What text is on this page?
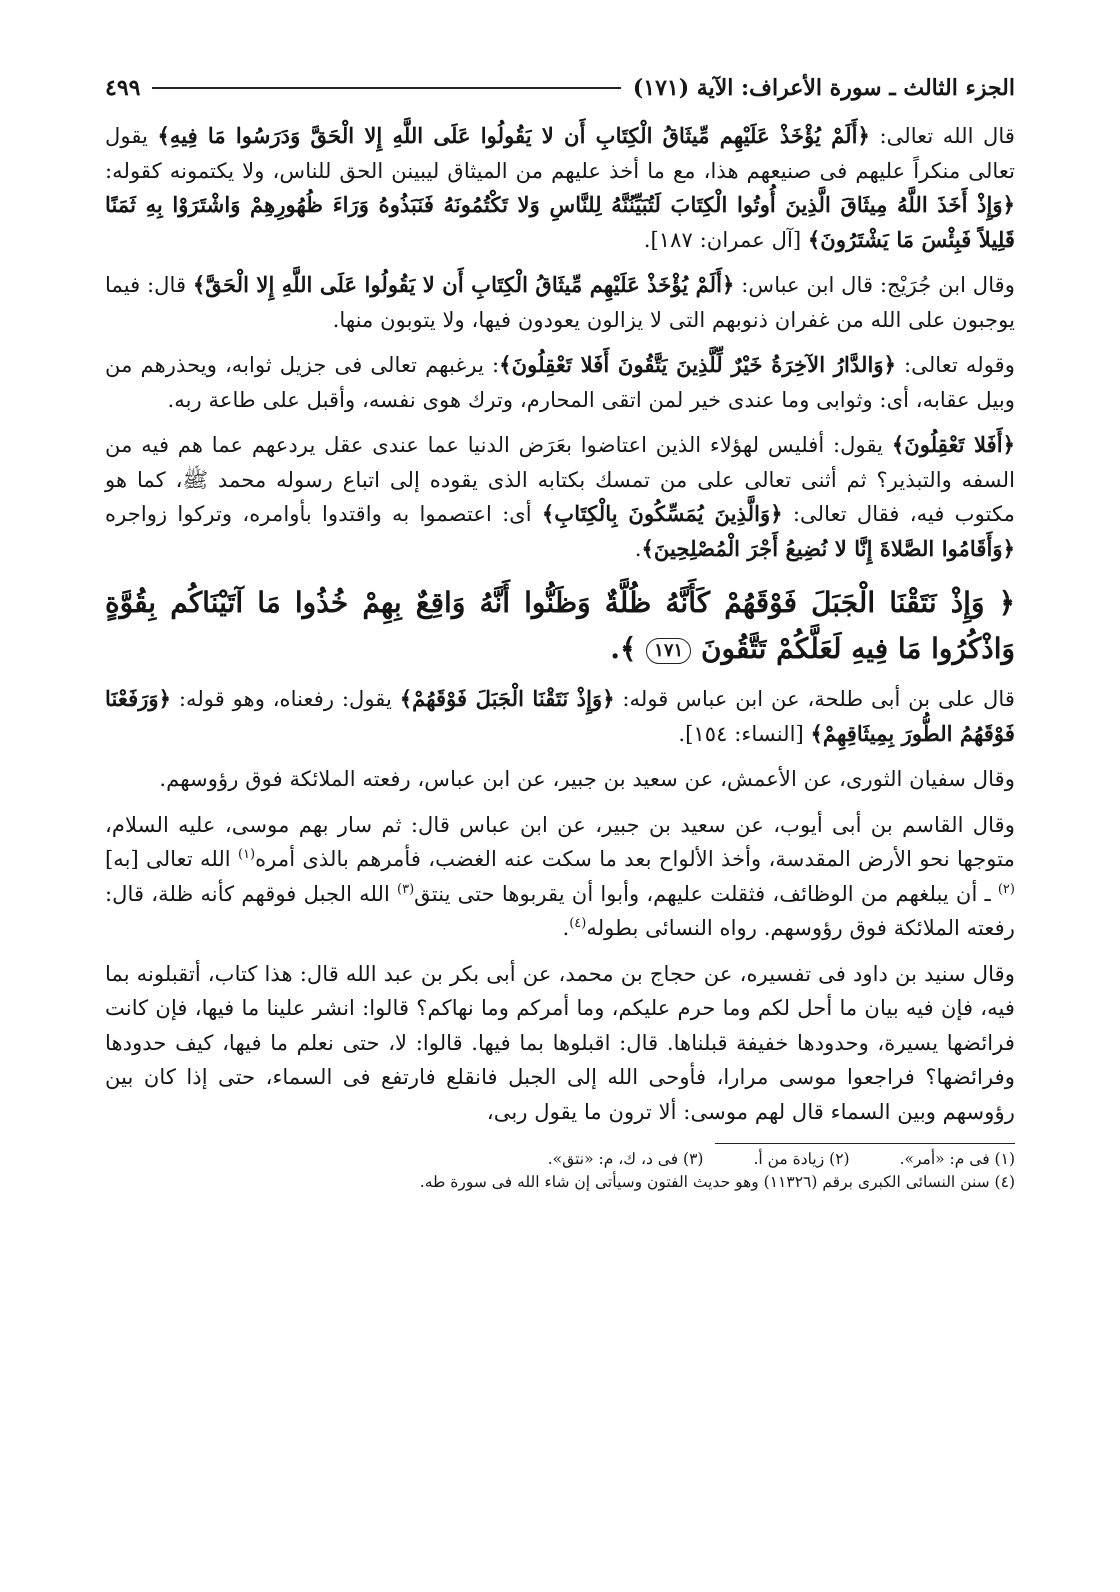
الجزء الثالث ـ سورة الأعراف: الآية (١٧١)
٤٩٩

قال الله تعالى: ﴿أَلَمْ يُؤْخَذْ عَلَيْهِم مِّيثَاقُ الْكِتَابِ أَن لا يَقُولُوا عَلَى اللَّهِ إِلا الْحَقَّ وَدَرَسُوا مَا فِيهِ﴾ يقول تعالى منكراً عليهم فى صنيعهم هذا، مع ما أخذ عليهم من الميثاق ليبينن الحق للناس، ولا يكتمونه كقوله: ﴿وَإِذْ أَخَذَ اللَّهُ مِيثَاقَ الَّذِينَ أُوتُوا الْكِتَابَ لَتُبَيِّنُنَّهُ لِلنَّاسِ وَلا تَكْتُمُونَهُ فَنَبَذُوهُ وَرَاءَ ظُهُورِهِمْ وَاشْتَرَوْا بِهِ ثَمَنًا قَلِيلاً فَبِئْسَ مَا يَشْتَرُونَ﴾ [آل عمران: ١٨٧].

وقال ابن جُرَيْج: قال ابن عباس: ﴿أَلَمْ يُؤْخَذْ عَلَيْهِم مِّيثَاقُ الْكِتَابِ أَن لا يَقُولُوا عَلَى اللَّهِ إِلا الْحَقَّ﴾ قال: فيما يوجبون على الله من غفران ذنوبهم التى لا يزالون يعودون فيها، ولا يتوبون منها.

وقوله تعالى: ﴿وَالدَّارُ الآخِرَةُ خَيْرٌ لِّلَّذِينَ يَتَّقُونَ أَفَلا تَعْقِلُونَ﴾: يرغبهم تعالى فى جزيل ثوابه، ويحذرهم من وبيل عقابه، أى: وثوابى وما عندى خير لمن اتقى المحارم، وترك هوى نفسه، وأقبل على طاعة ربه.

﴿أَفَلا تَعْقِلُونَ﴾ يقول: أفليس لهؤلاء الذين اعتاضوا بعَرَض الدنيا عما عندى عقل يردعهم عما هم فيه من السفه والتبذير؟ ثم أثنى تعالى على من تمسك بكتابه الذى يقوده إلى اتباع رسوله محمد ﷺ، كما هو مكتوب فيه، فقال تعالى: ﴿وَالَّذِينَ يُمَسِّكُونَ بِالْكِتَابِ﴾ أى: اعتصموا به واقتدوا بأوامره، وتركوا زواجره ﴿وَأَقَامُوا الصَّلاةَ إِنَّا لا نُضِيعُ أَجْرَ الْمُصْلِحِينَ﴾.

﴿ وَإِذْ نَتَقْنَا الْجَبَلَ فَوْقَهُمْ كَأَنَّهُ ظُلَّةٌ وَظَنُّوا أَنَّهُ وَاقِعٌ بِهِمْ خُذُوا مَا آتَيْنَاكُم بِقُوَّةٍ وَاذْكُرُوا مَا فِيهِ لَعَلَّكُمْ تَتَّقُونَ ١٧١ ﴾.

قال على بن أبى طلحة، عن ابن عباس قوله: ﴿وَإِذْ نَتَقْنَا الْجَبَلَ فَوْقَهُمْ﴾ يقول: رفعناه، وهو قوله: ﴿وَرَفَعْنَا فَوْقَهُمُ الطُّورَ بِمِيثَاقِهِمْ﴾ [النساء: ١٥٤].

وقال سفيان الثورى، عن الأعمش، عن سعيد بن جبير، عن ابن عباس، رفعته الملائكة فوق رؤوسهم.

وقال القاسم بن أبى أيوب، عن سعيد بن جبير، عن ابن عباس قال: ثم سار بهم موسى، عليه السلام، متوجها نحو الأرض المقدسة، وأخذ الألواح بعد ما سكت عنه الغضب، فأمرهم بالذى أمره$^{(١)}$ الله تعالى [به]$^{(٢)}$ ـ أن يبلغهم من الوظائف، فثقلت عليهم، وأبوا أن يقربوها حتى ينتق$^{(٣)}$ الله الجبل فوقهم كأنه ظلة، قال: رفعته الملائكة فوق رؤوسهم. رواه النسائى بطوله$^{(٤)}$.

وقال سنيد بن داود فى تفسيره، عن حجاج بن محمد، عن أبى بكر بن عبد الله قال: هذا كتاب، أتقبلونه بما فيه، فإن فيه بيان ما أحل لكم وما حرم عليكم، وما أمركم وما نهاكم؟ قالوا: انشر علينا ما فيها، فإن كانت فرائضها يسيرة، وحدودها خفيفة قبلناها. قال: اقبلوها بما فيها. قالوا: لا، حتى نعلم ما فيها، كيف حدودها وفرائضها؟ فراجعوا موسى مرارا، فأوحى الله إلى الجبل فانقلع فارتفع فى السماء، حتى إذا كان بين رؤوسهم وبين السماء قال لهم موسى: ألا ترون ما يقول ربى،

(١) فى م: «أمر».(٢) زيادة من أ.(٣) فى د، ك، م: «نتق».

(٤) سنن النسائى الكبرى برقم (١١٣٢٦) وهو حديث الفتون وسيأتى إن شاء الله فى سورة طه.
